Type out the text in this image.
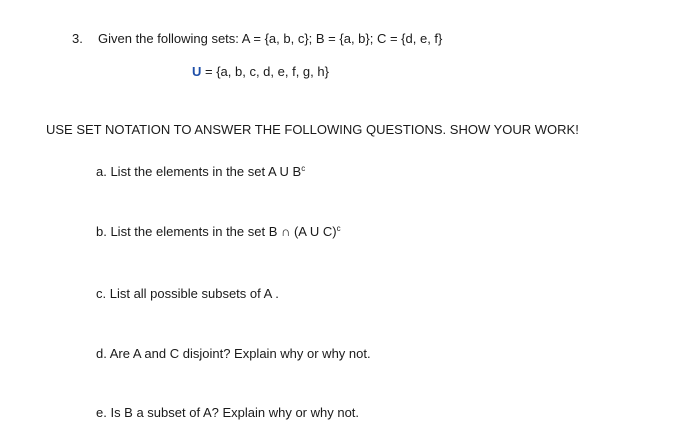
3. Given the following sets: A = {a, b, c}; B = {a, b}; C = {d, e, f}
U = {a, b, c, d, e, f, g, h}
USE SET NOTATION TO ANSWER THE FOLLOWING QUESTIONS. SHOW YOUR WORK!
a. List the elements in the set A U $B^c$
b. List the elements in the set B ∩ (A U C)$^c$
c. List all possible subsets of A .
d. Are A and C disjoint? Explain why or why not.
e. Is B a subset of A? Explain why or why not.
